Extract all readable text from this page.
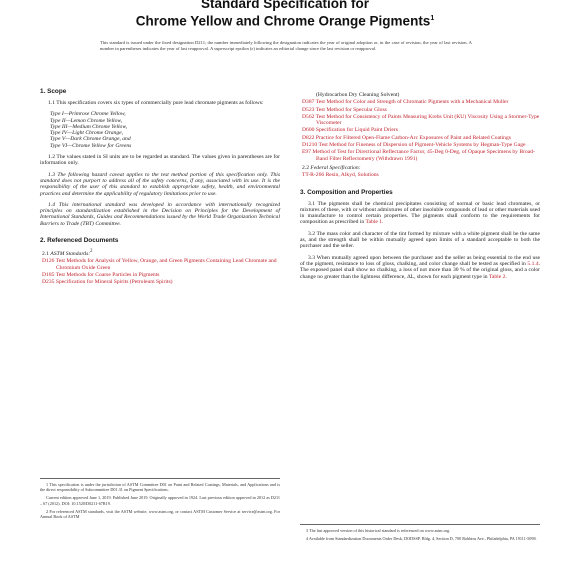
Standard Specification for
Chrome Yellow and Chrome Orange Pigments$^1$
This standard is issued under the fixed designation D211; the number immediately following the designation indicates the year of original adoption or, in the case of revision, the year of last revision. A number in parentheses indicates the year of last reapproval. A superscript epsilon (ε) indicates an editorial change since the last revision or reapproval.
1. Scope

1.1 This specification covers six types of commercially pure lead chromate pigments as follows:

Type I—Primrose Chrome Yellow,
Type II—Lemon Chrome Yellow,
Type III—Medium Chrome Yellow,
Type IV—Light Chrome Orange,
Type V—Dark Chrome Orange, and
Type VI—Chrome Yellow for Greens

1.2 The values stated in SI units are to be regarded as standard. The values given in parentheses are for information only.

1.3 The following hazard caveat applies to the test method portion of this specification only. This standard does not purport to address all of the safety concerns, if any, associated with its use. It is the responsibility of the user of this standard to establish appropriate safety, health, and environmental practices and determine the applicability of regulatory limitations prior to use.

1.4 This international standard was developed in accordance with internationally recognized principles on standardization established in the Decision on Principles for the Development of International Standards, Guides and Recommendations issued by the World Trade Organization Technical Barriers to Trade (TBT) Committee.

2. Referenced Documents
2.1 ASTM Standards:$^2$
D126 Test Methods for Analysis of Yellow, Orange, and Green Pigments Containing Lead Chromate and Chromium Oxide Green
D185 Test Methods for Coarse Particles in Pigments
D235 Specification for Mineral Spirits (Petroleum Spirits)

1 This specification is under the jurisdiction of ASTM Committee D01 on Paint and Related Coatings, Materials, and Applications and is the direct responsibility of Subcommittee D01.31 on Pigment Specifications.

Current edition approved June 1, 2019. Published June 2019. Originally approved in 1924. Last previous edition approved in 2012 as D211 – 67 (2012). DOI: 10.1520/D0211-67R19.

2 For referenced ASTM standards, visit the ASTM website, www.astm.org, or contact ASTM Customer Service at service@astm.org. For Annual Book of ASTM

(Hydrocarbon Dry Cleaning Solvent)
D387 Test Method for Color and Strength of Chromatic Pigments with a Mechanical Muller
D523 Test Method for Specular Gloss
D562 Test Method for Consistency of Paints Measuring Krebs Unit (KU) Viscosity Using a Stormer-Type Viscometer
D600 Specification for Liquid Paint Driers
D822 Practice for Filtered Open-Flame Carbon-Arc Exposures of Paint and Related Coatings
D1210 Test Method for Fineness of Dispersion of Pigment-Vehicle Systems by Hegman-Type Gage
E97 Method of Test for Directional Reflectance Factor, 45-Deg 0-Deg, of Opaque Specimens by Broad-Band Filter Reflectometry (Withdrawn 1991)
2.2 Federal Specification:
TT-R-266 Resin, Alkyd, Solutions
3. Composition and Properties

3.1 The pigments shall be chemical precipitates consisting of normal or basic lead chromates, or mixtures of these, with or without admixtures of other insoluble compounds of lead or other materials used in manufacture to control certain properties. The pigments shall conform to the requirements for composition as prescribed in Table 1.

3.2 The mass color and character of the tint formed by mixture with a white pigment shall be the same as, and the strength shall be within mutually agreed upon limits of a standard acceptable to both the purchaser and the seller.

3.3 When mutually agreed upon between the purchaser and the seller as being essential to the end use of the pigment, resistance to loss of gloss, chalking, and color change shall be tested as specified in 5.1.4. The exposed panel shall show no chalking, a loss of not more than 30 % of the original gloss, and a color change no greater than the lightness difference, ΔL, shown for each pigment type in Table 2.

3 The last approved version of this historical standard is referenced on www.astm.org.

4 Available from Standardization Documents Order Desk, DODSSP, Bldg. 4, Section D, 700 Robbins Ave., Philadelphia, PA 19111-5098.
